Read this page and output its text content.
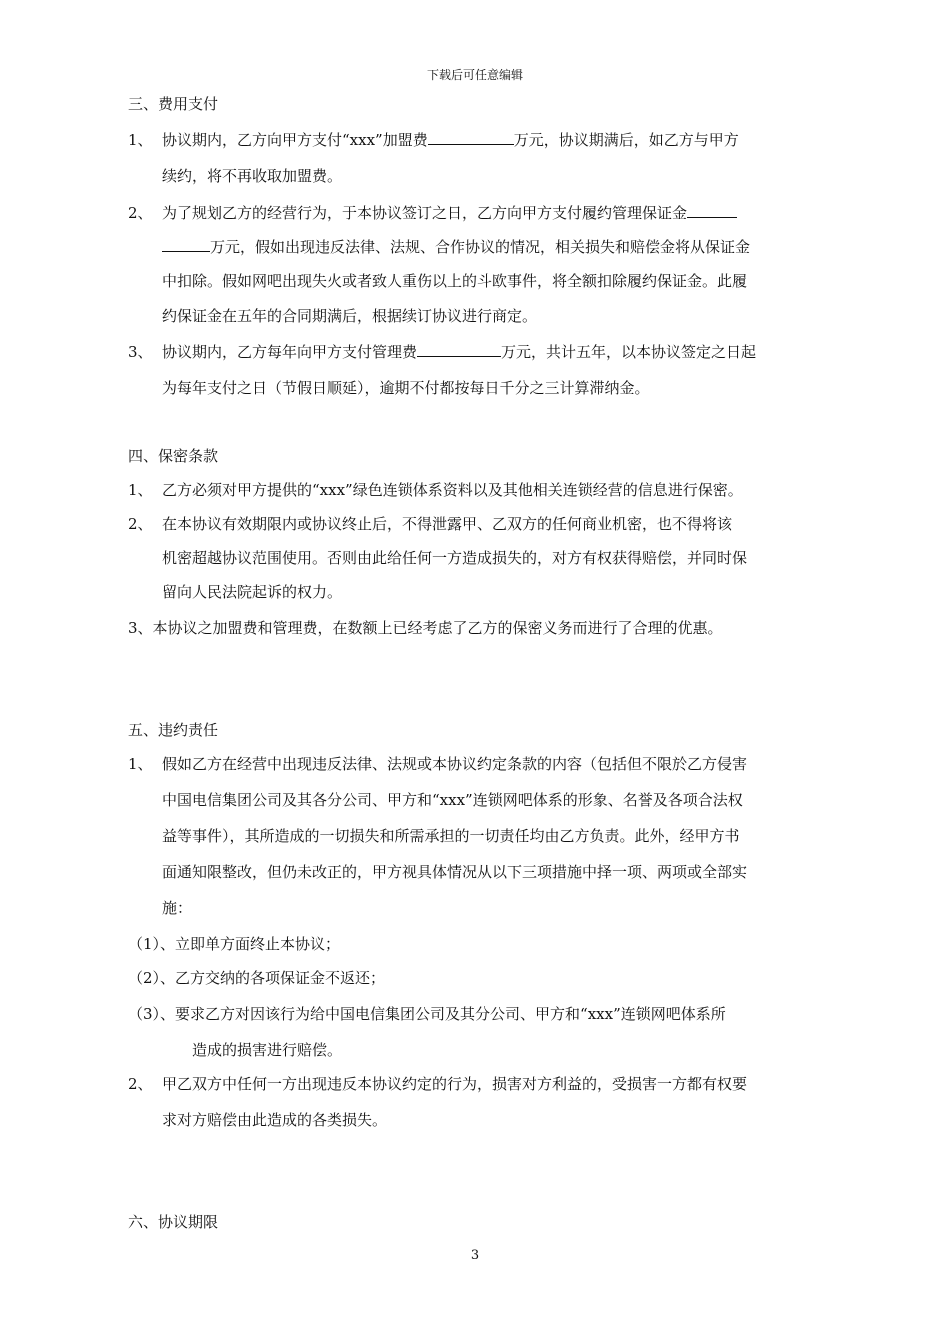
下载后可任意编辑
三、费用支付
1、 协议期内，乙方向甲方支付“xxx”加盟费	万元，协议期满后，如乙方与甲方
续约，将不再收取加盟费。
2、 为了规划乙方的经营行为，于本协议签订之日，乙方向甲方支付履约管理保证金
万元，假如出现违反法律、法规、合作协议的情况，相关损失和赔偿金将从保证金
中扣除。假如网吧出现失火或者致人重伤以上的斗欧事件，将全额扣除履约保证金。此履
约保证金在五年的合同期满后，根据续订协议进行商定。
3、 协议期内，乙方每年向甲方支付管理费	万元，共计五年，以本协议签定之日起
为每年支付之日（节假日顺延），逾期不付都按每日千分之三计算滞纳金。
四、保密条款
1、 乙方必须对甲方提供的“xxx”绿色连锁体系资料以及其他相关连锁经营的信息进行保密。
2、 在本协议有效期限内或协议终止后，不得泄露甲、乙双方的任何商业机密，也不得将该
机密超越协议范围使用。否则由此给任何一方造成损失的，对方有权获得赔偿，并同时保
留向人民法院起诉的权力。
3、本协议之加盟费和管理费，在数额上已经考虑了乙方的保密义务而进行了合理的优惠。
五、违约责任
1、 假如乙方在经营中出现违反法律、法规或本协议约定条款的内容（包括但不限於乙方侵害
中国电信集团公司及其各分公司、甲方和“xxx”连锁网吧体系的形象、名誉及各项合法权
益等事件），其所造成的一切损失和所需承担的一切责任均由乙方负责。此外，经甲方书
面通知限整改，但仍未改正的，甲方视具体情况从以下三项措施中择一项、两项或全部实
施：
（1）、立即单方面终止本协议；
（2）、乙方交纳的各项保证金不返还；
（3）、要求乙方对因该行为给中国电信集团公司及其分公司、甲方和“xxx”连锁网吧体系所
造成的损害进行赔偿。
2、 甲乙双方中任何一方出现违反本协议约定的行为，损害对方利益的，受损害一方都有权要
求对方赔偿由此造成的各类损失。
六、协议期限
3
